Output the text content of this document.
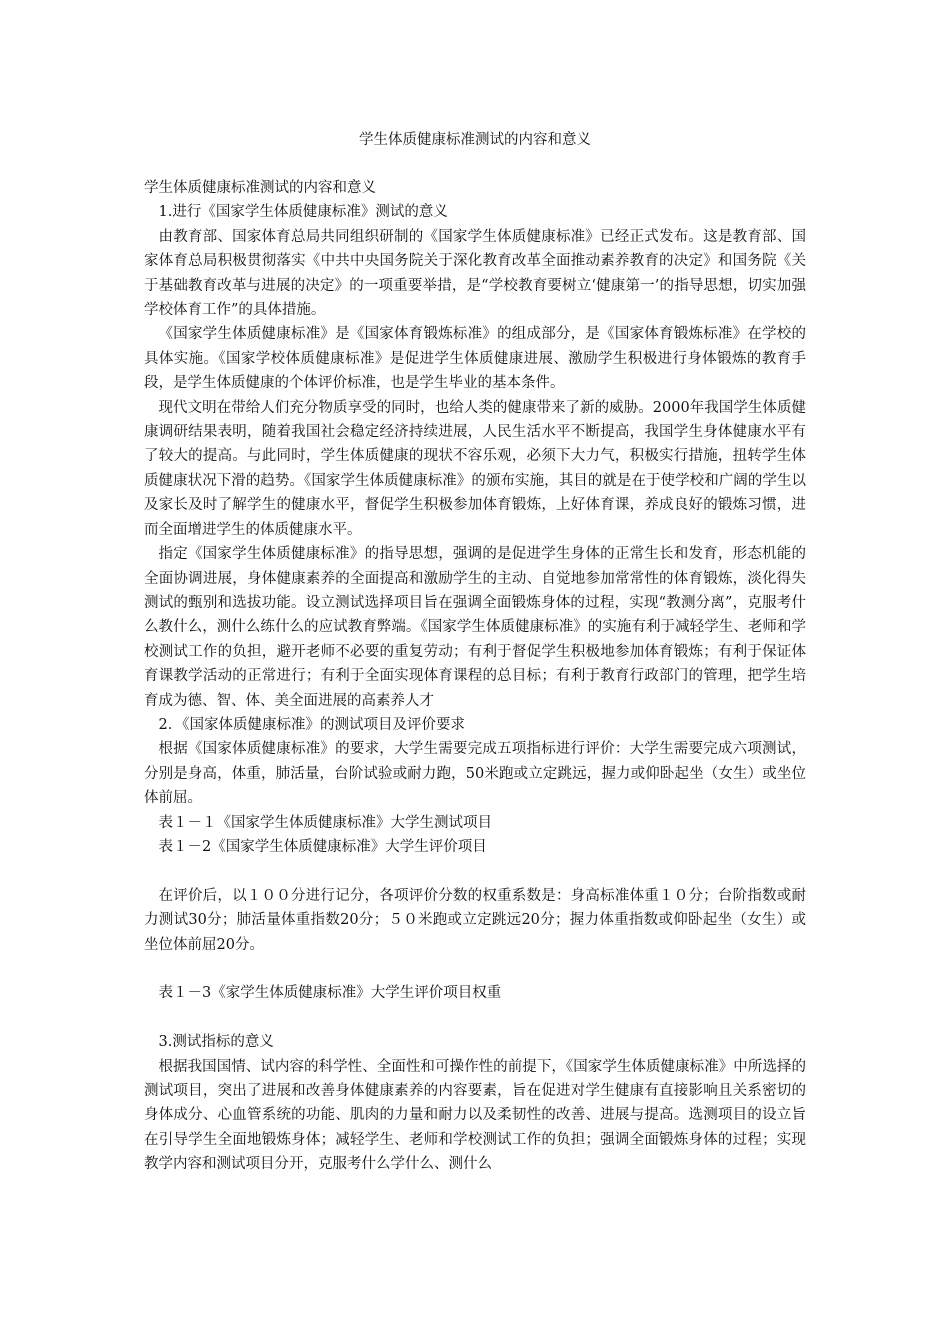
学生体质健康标准测试的内容和意义

学生体质健康标准测试的内容和意义

1.进行《国家学生体质健康标准》测试的意义

由教育部、国家体育总局共同组织研制的《国家学生体质健康标准》已经正式发布。这是教育部、国家体育总局积极贯彻落实《中共中央国务院关于深化教育改革全面推动素养教育的决定》和国务院《关于基础教育改革与进展的决定》的一项重要举措，是“学校教育要树立‘健康第一’的指导思想，切实加强学校体育工作”的具体措施。

《国家学生体质健康标准》是《国家体育锻炼标准》的组成部分，是《国家体育锻炼标准》在学校的具体实施。《国家学校体质健康标准》是促进学生体质健康进展、激励学生积极进行身体锻炼的教育手段，是学生体质健康的个体评价标准，也是学生毕业的基本条件。

现代文明在带给人们充分物质享受的同时，也给人类的健康带来了新的威胁。2000年我国学生体质健康调研结果表明，随着我国社会稳定经济持续进展，人民生活水平不断提高，我国学生身体健康水平有了较大的提高。与此同时，学生体质健康的现状不容乐观，必须下大力气，积极实行措施，扭转学生体质健康状况下滑的趋势。《国家学生体质健康标准》的颁布实施，其目的就是在于使学校和广阔的学生以及家长及时了解学生的健康水平，督促学生积极参加体育锻炼，上好体育课，养成良好的锻炼习惯，进而全面增进学生的体质健康水平。

指定《国家学生体质健康标准》的指导思想，强调的是促进学生身体的正常生长和发育，形态机能的全面协调进展，身体健康素养的全面提高和激励学生的主动、自觉地参加常常性的体育锻炼，淡化得失测试的甄别和选拔功能。设立测试选择项目旨在强调全面锻炼身体的过程，实现“教测分离”，克服考什么教什么，测什么练什么的应试教育弊端。《国家学生体质健康标准》的实施有利于减轻学生、老师和学校测试工作的负担，避开老师不必要的重复劳动；有利于督促学生积极地参加体育锻炼；有利于保证体育课教学活动的正常进行；有利于全面实现体育课程的总目标；有利于教育行政部门的管理，把学生培育成为德、智、体、美全面进展的高素养人才

2．《国家体质健康标准》的测试项目及评价要求

根据《国家体质健康标准》的要求，大学生需要完成五项指标进行评价：大学生需要完成六项测试，分别是身高，体重，肺活量，台阶试验或耐力跑，50米跑或立定跳远，握力或仰卧起坐（女生）或坐位体前屈。

表１－１《国家学生体质健康标准》大学生测试项目

表１－2《国家学生体质健康标准》大学生评价项目

在评价后，以１００分进行记分，各项评价分数的权重系数是：身高标准体重１０分；台阶指数或耐力测试30分；肺活量体重指数20分；５０米跑或立定跳远20分；握力体重指数或仰卧起坐（女生）或坐位体前屈20分。

表１－3《家学生体质健康标准》大学生评价项目权重

3.测试指标的意义

根据我国国情、试内容的科学性、全面性和可操作性的前提下，《国家学生体质健康标准》中所选择的测试项目，突出了进展和改善身体健康素养的内容要素，旨在促进对学生健康有直接影响且关系密切的身体成分、心血管系统的功能、肌肉的力量和耐力以及柔韧性的改善、进展与提高。选测项目的设立旨在引导学生全面地锻炼身体；减轻学生、老师和学校测试工作的负担；强调全面锻炼身体的过程；实现教学内容和测试项目分开，克服考什么学什么、测什么
